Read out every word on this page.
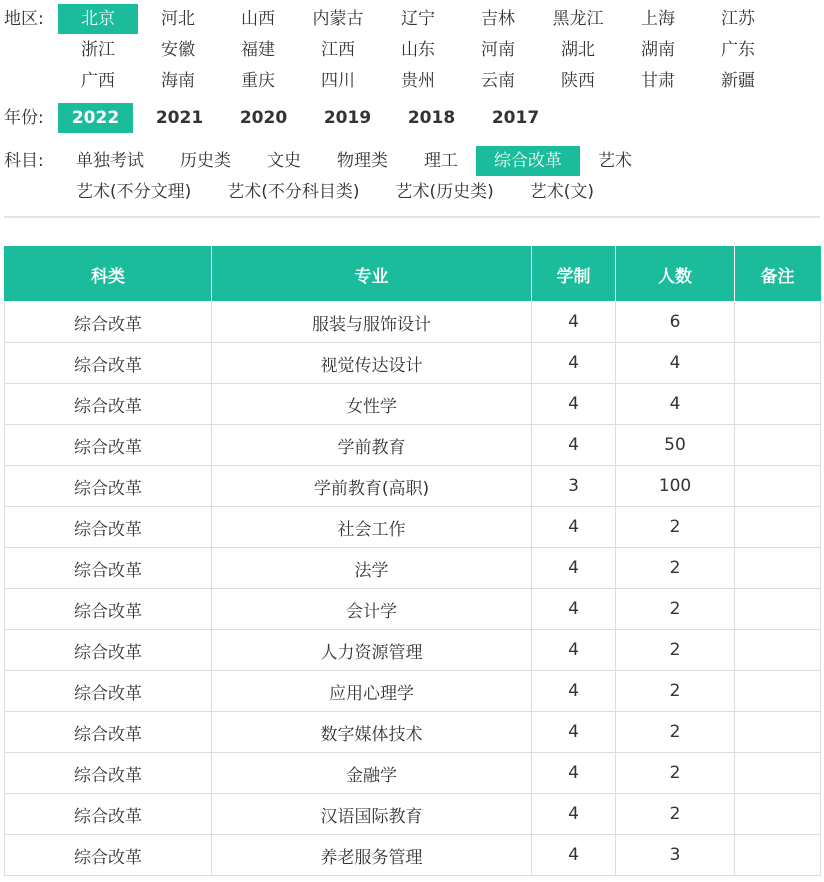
地区:	北京	河北	山西	内蒙古	辽宁	吉林	黑龙江	上海	江苏
浙江	安徽	福建	江西	山东	河南	湖北	湖南	广东
广西	海南	重庆	四川	贵州	云南	陕西	甘肃	新疆
年份:	2022	2021	2020	2019	2018	2017
科目:	单独考试	历史类	文史	物理类	理工	综合改革	艺术
艺术(不分文理)	艺术(不分科目类)	艺术(历史类)	艺术(文)
科类	专业	学制	人数	备注
综合改革	服装与服饰设计	4	6	
综合改革	视觉传达设计	4	4	
综合改革	女性学	4	4	
综合改革	学前教育	4	50	
综合改革	学前教育(高职)	3	100	
综合改革	社会工作	4	2	
综合改革	法学	4	2	
综合改革	会计学	4	2	
综合改革	人力资源管理	4	2	
综合改革	应用心理学	4	2	
综合改革	数字媒体技术	4	2	
综合改革	金融学	4	2	
综合改革	汉语国际教育	4	2	
综合改革	养老服务管理	4	3	
